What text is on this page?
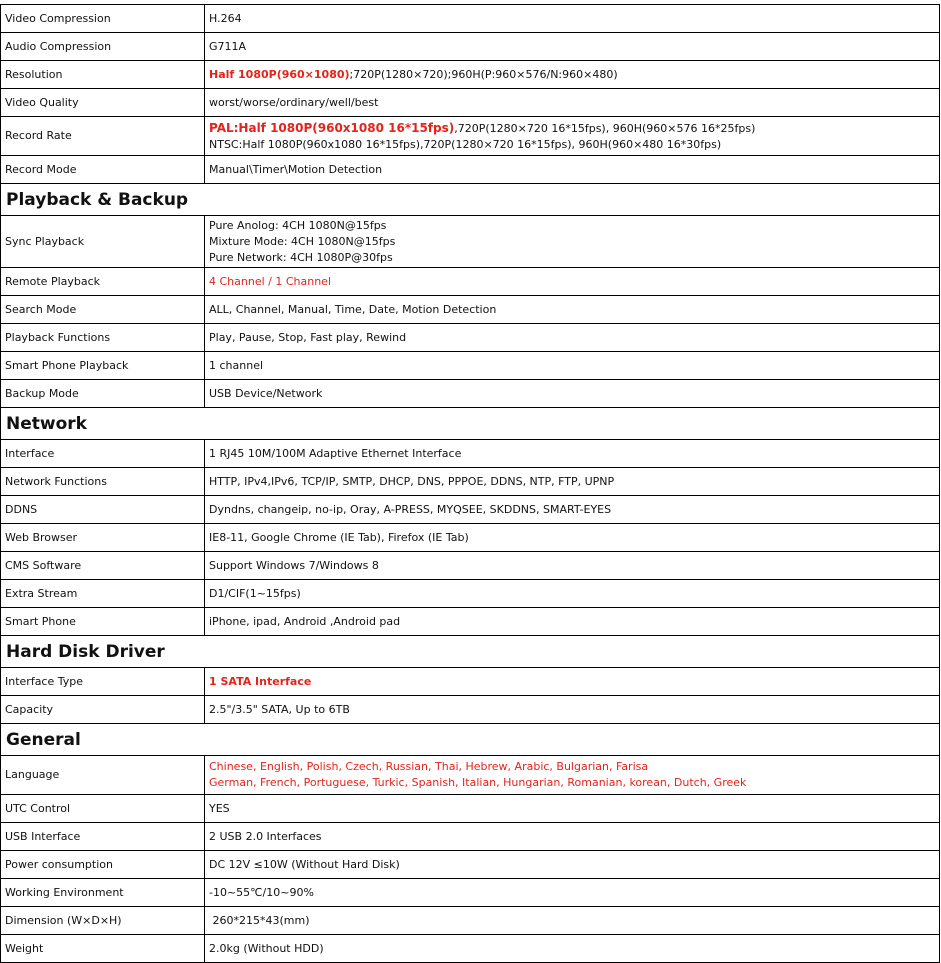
Video Compression	H.264
Audio Compression	G711A
Resolution	Half 1080P(960×1080);720P(1280×720);960H(P:960×576/N:960×480)
Video Quality	worst/worse/ordinary/well/best
Record Rate	PAL:Half 1080P(960x1080 16*15fps),720P(1280×720 16*15fps), 960H(960×576 16*25fps)
NTSC:Half 1080P(960x1080 16*15fps),720P(1280×720 16*15fps), 960H(960×480 16*30fps)

Record Mode	Manual\Timer\Motion Detection
Playback & Backup	
Sync Playback	Pure Anolog: 4CH 1080N@15fps
Mixture Mode: 4CH 1080N@15fps
Pure Network: 4CH 1080P@30fps

Remote Playback	4 Channel / 1 Channel
Search Mode	ALL, Channel, Manual, Time, Date, Motion Detection
Playback Functions	Play, Pause, Stop, Fast play, Rewind
Smart Phone Playback	1 channel
Backup Mode	USB Device/Network
Network	
Interface	1 RJ45 10M/100M Adaptive Ethernet Interface
Network Functions	HTTP, IPv4,IPv6, TCP/IP, SMTP, DHCP, DNS, PPPOE, DDNS, NTP, FTP, UPNP
DDNS	Dyndns, changeip, no-ip, Oray, A-PRESS, MYQSEE, SKDDNS, SMART-EYES
Web Browser	IE8-11, Google Chrome (IE Tab), Firefox (IE Tab)
CMS Software	Support Windows 7/Windows 8
Extra Stream	D1/CIF(1~15fps)
Smart Phone	iPhone, ipad, Android ,Android pad
Hard Disk Driver	
Interface Type	1 SATA Interface
Capacity	2.5"/3.5" SATA, Up to 6TB
General	
Language	Chinese, English, Polish, Czech, Russian, Thai, Hebrew, Arabic, Bulgarian, Farisa
German, French, Portuguese, Turkic, Spanish, Italian, Hungarian, Romanian, korean, Dutch, Greek

UTC Control	YES
USB Interface	2 USB 2.0 Interfaces
Power consumption	DC 12V ≤10W (Without Hard Disk)
Working Environment	-10~55℃/10~90%
Dimension (W×D×H)	260*215*43(mm)
Weight	2.0kg (Without HDD)
